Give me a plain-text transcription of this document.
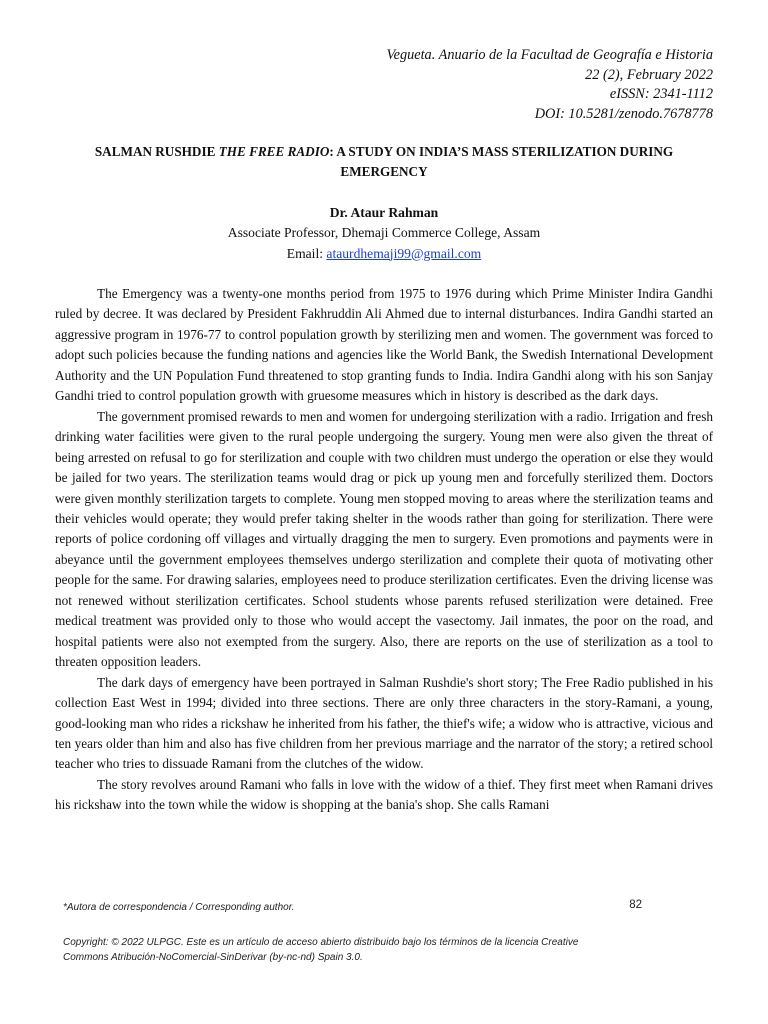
Vegueta. Anuario de la Facultad de Geografía e Historia
22 (2), February 2022
eISSN: 2341-1112
DOI: 10.5281/zenodo.7678778
SALMAN RUSHDIE THE FREE RADIO: A STUDY ON INDIA’S MASS STERILIZATION DURING EMERGENCY
Dr. Ataur Rahman
Associate Professor, Dhemaji Commerce College, Assam
Email: ataurdhemaji99@gmail.com

The Emergency was a twenty-one months period from 1975 to 1976 during which Prime Minister Indira Gandhi ruled by decree. It was declared by President Fakhruddin Ali Ahmed due to internal disturbances. Indira Gandhi started an aggressive program in 1976-77 to control population growth by sterilizing men and women. The government was forced to adopt such policies because the funding nations and agencies like the World Bank, the Swedish International Development Authority and the UN Population Fund threatened to stop granting funds to India. Indira Gandhi along with his son Sanjay Gandhi tried to control population growth with gruesome measures which in history is described as the dark days.

The government promised rewards to men and women for undergoing sterilization with a radio. Irrigation and fresh drinking water facilities were given to the rural people undergoing the surgery. Young men were also given the threat of being arrested on refusal to go for sterilization and couple with two children must undergo the operation or else they would be jailed for two years. The sterilization teams would drag or pick up young men and forcefully sterilized them. Doctors were given monthly sterilization targets to complete. Young men stopped moving to areas where the sterilization teams and their vehicles would operate; they would prefer taking shelter in the woods rather than going for sterilization. There were reports of police cordoning off villages and virtually dragging the men to surgery. Even promotions and payments were in abeyance until the government employees themselves undergo sterilization and complete their quota of motivating other people for the same. For drawing salaries, employees need to produce sterilization certificates. Even the driving license was not renewed without sterilization certificates. School students whose parents refused sterilization were detained. Free medical treatment was provided only to those who would accept the vasectomy. Jail inmates, the poor on the road, and hospital patients were also not exempted from the surgery. Also, there are reports on the use of sterilization as a tool to threaten opposition leaders.

The dark days of emergency have been portrayed in Salman Rushdie's short story; The Free Radio published in his collection East West in 1994; divided into three sections. There are only three characters in the story-Ramani, a young, good-looking man who rides a rickshaw he inherited from his father, the thief's wife; a widow who is attractive, vicious and ten years older than him and also has five children from her previous marriage and the narrator of the story; a retired school teacher who tries to dissuade Ramani from the clutches of the widow.

The story revolves around Ramani who falls in love with the widow of a thief. They first meet when Ramani drives his rickshaw into the town while the widow is shopping at the bania's shop. She calls Ramani

*Autora de correspondencia / Corresponding author.	82
Copyright: © 2022 ULPGC. Este es un artículo de acceso abierto distribuido bajo los términos de la licencia Creative Commons Atribución-NoComercial-SinDerivar (by-nc-nd) Spain 3.0.
